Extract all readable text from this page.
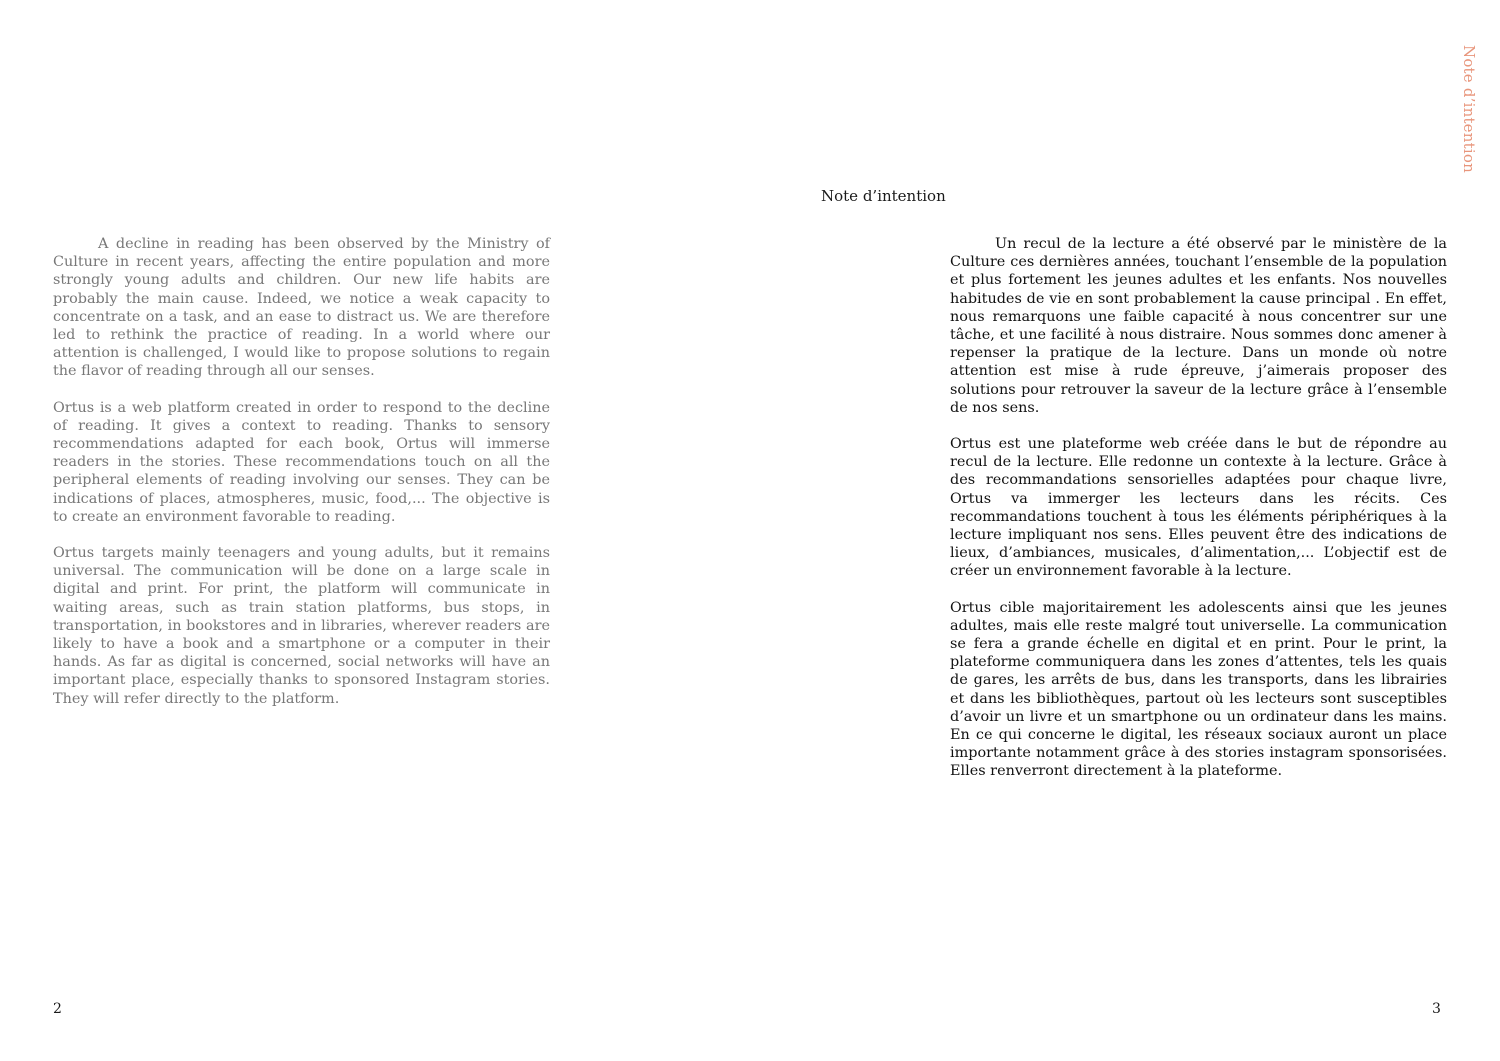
Note d’intention
Note d’intention

A decline in reading has been observed by the Ministry of Culture in recent years, affecting the entire population and more strongly young adults and children. Our new life habits are probably the main cause. Indeed, we notice a weak capacity to concentrate on a task, and an ease to distract us. We are therefore led to rethink the practice of reading. In a world where our attention is challenged, I would like to propose solutions to regain the flavor of reading through all our senses.

Ortus is a web platform created in order to respond to the decline of reading. It gives a context to reading. Thanks to sensory recommendations adapted for each book, Ortus will immerse readers in the stories. These recommendations touch on all the peripheral elements of reading involving our senses. They can be indications of places, atmospheres, music, food,... The objective is to create an environment favorable to reading.

Ortus targets mainly teenagers and young adults, but it remains universal. The communication will be done on a large scale in digital and print. For print, the platform will communicate in waiting areas, such as train station platforms, bus stops, in transportation, in bookstores and in libraries, wherever readers are likely to have a book and a smartphone or a computer in their hands. As far as digital is concerned, social networks will have an important place, especially thanks to sponsored Instagram stories. They will refer directly to the platform.

Un recul de la lecture a été observé par le ministère de la Culture ces dernières années, touchant l’ensemble de la population et plus fortement les jeunes adultes et les enfants. Nos nouvelles habitudes de vie en sont probablement la cause principal . En effet, nous remarquons une faible capacité à nous concentrer sur une tâche, et une facilité à nous distraire. Nous sommes donc amener à repenser la pratique de la lecture. Dans un monde où notre attention est mise à rude épreuve, j’aimerais proposer des solutions pour retrouver la saveur de la lecture grâce à l’ensemble de nos sens.

Ortus est une plateforme web créée dans le but de répondre au recul de la lecture. Elle redonne un contexte à la lecture. Grâce à des recommandations sensorielles adaptées pour chaque livre, Ortus va immerger les lecteurs dans les récits. Ces recommandations touchent à tous les éléments périphériques à la lecture impliquant nos sens. Elles peuvent être des indications de lieux, d’ambiances, musicales, d’alimentation,... L’objectif est de créer un environnement favorable à la lecture.

Ortus cible majoritairement les adolescents ainsi que les jeunes adultes, mais elle reste malgré tout universelle. La communication se fera a grande échelle en digital et en print. Pour le print, la plateforme communiquera dans les zones d’attentes, tels les quais de gares, les arrêts de bus, dans les transports, dans les librairies et dans les bibliothèques, partout où les lecteurs sont susceptibles d’avoir un livre et un smartphone ou un ordinateur dans les mains. En ce qui concerne le digital, les réseaux sociaux auront un place importante notamment grâce à des stories instagram sponsorisées. Elles renverront directement à la plateforme.

2	3
